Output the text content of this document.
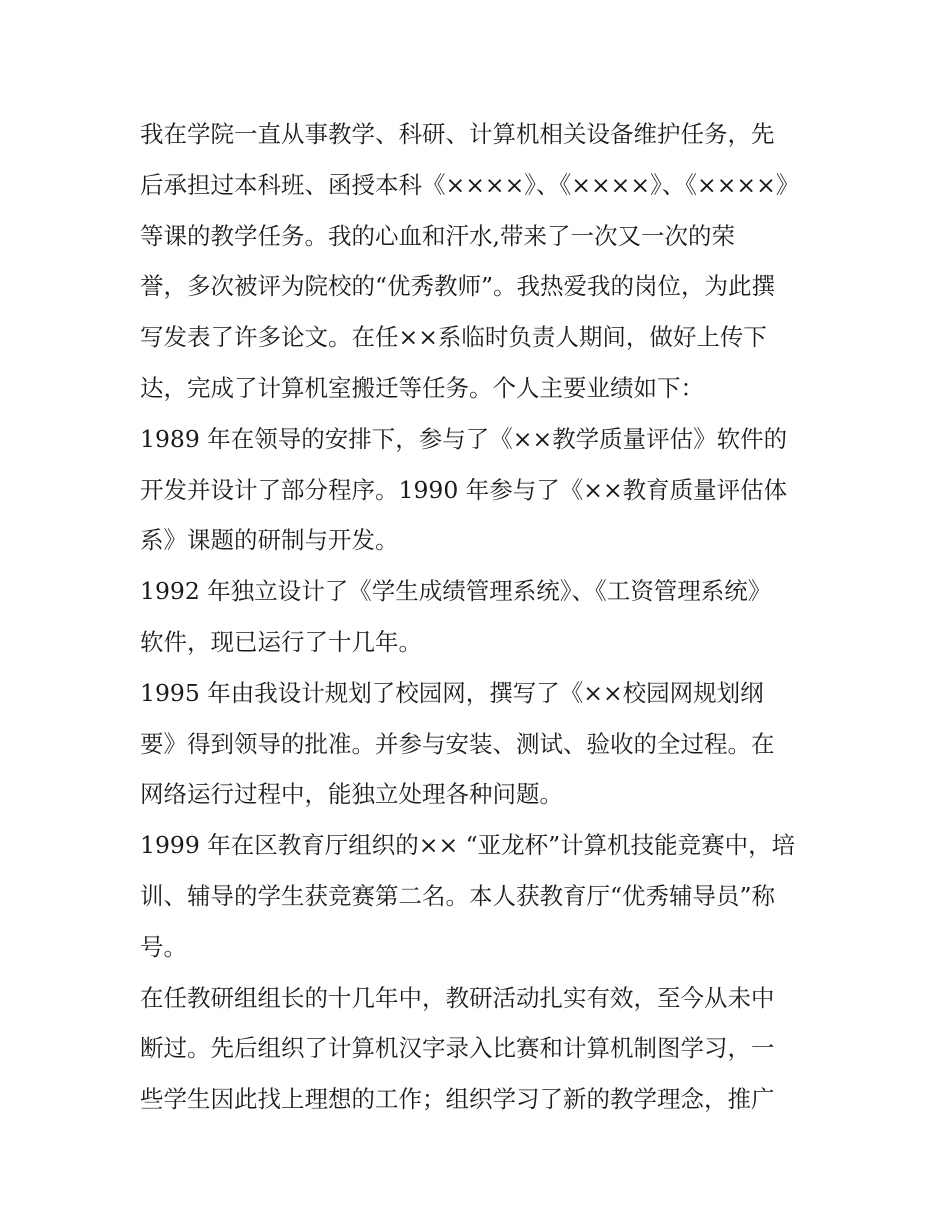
我在学院一直从事教学、科研、计算机相关设备维护任务，先
后承担过本科班、函授本科《××××》、《××××》、《××××》
等课的教学任务。我的心血和汗水,带来了一次又一次的荣
誉，多次被评为院校的“优秀教师”。我热爱我的岗位，为此撰
写发表了许多论文。在任××系临时负责人期间，做好上传下
达，完成了计算机室搬迁等任务。个人主要业绩如下：
1989 年在领导的安排下，参与了《××教学质量评估》软件的
开发并设计了部分程序。1990 年参与了《××教育质量评估体
系》课题的研制与开发。
1992 年独立设计了《学生成绩管理系统》、《工资管理系统》
软件，现已运行了十几年。
1995 年由我设计规划了校园网，撰写了《××校园网规划纲
要》得到领导的批准。并参与安装、测试、验收的全过程。在
网络运行过程中，能独立处理各种问题。
1999 年在区教育厅组织的×× “亚龙杯”计算机技能竞赛中，培
训、辅导的学生获竞赛第二名。本人获教育厅“优秀辅导员”称
号。
在任教研组组长的十几年中，教研活动扎实有效，至今从未中
断过。先后组织了计算机汉字录入比赛和计算机制图学习，一
些学生因此找上理想的工作；组织学习了新的教学理念，推广
